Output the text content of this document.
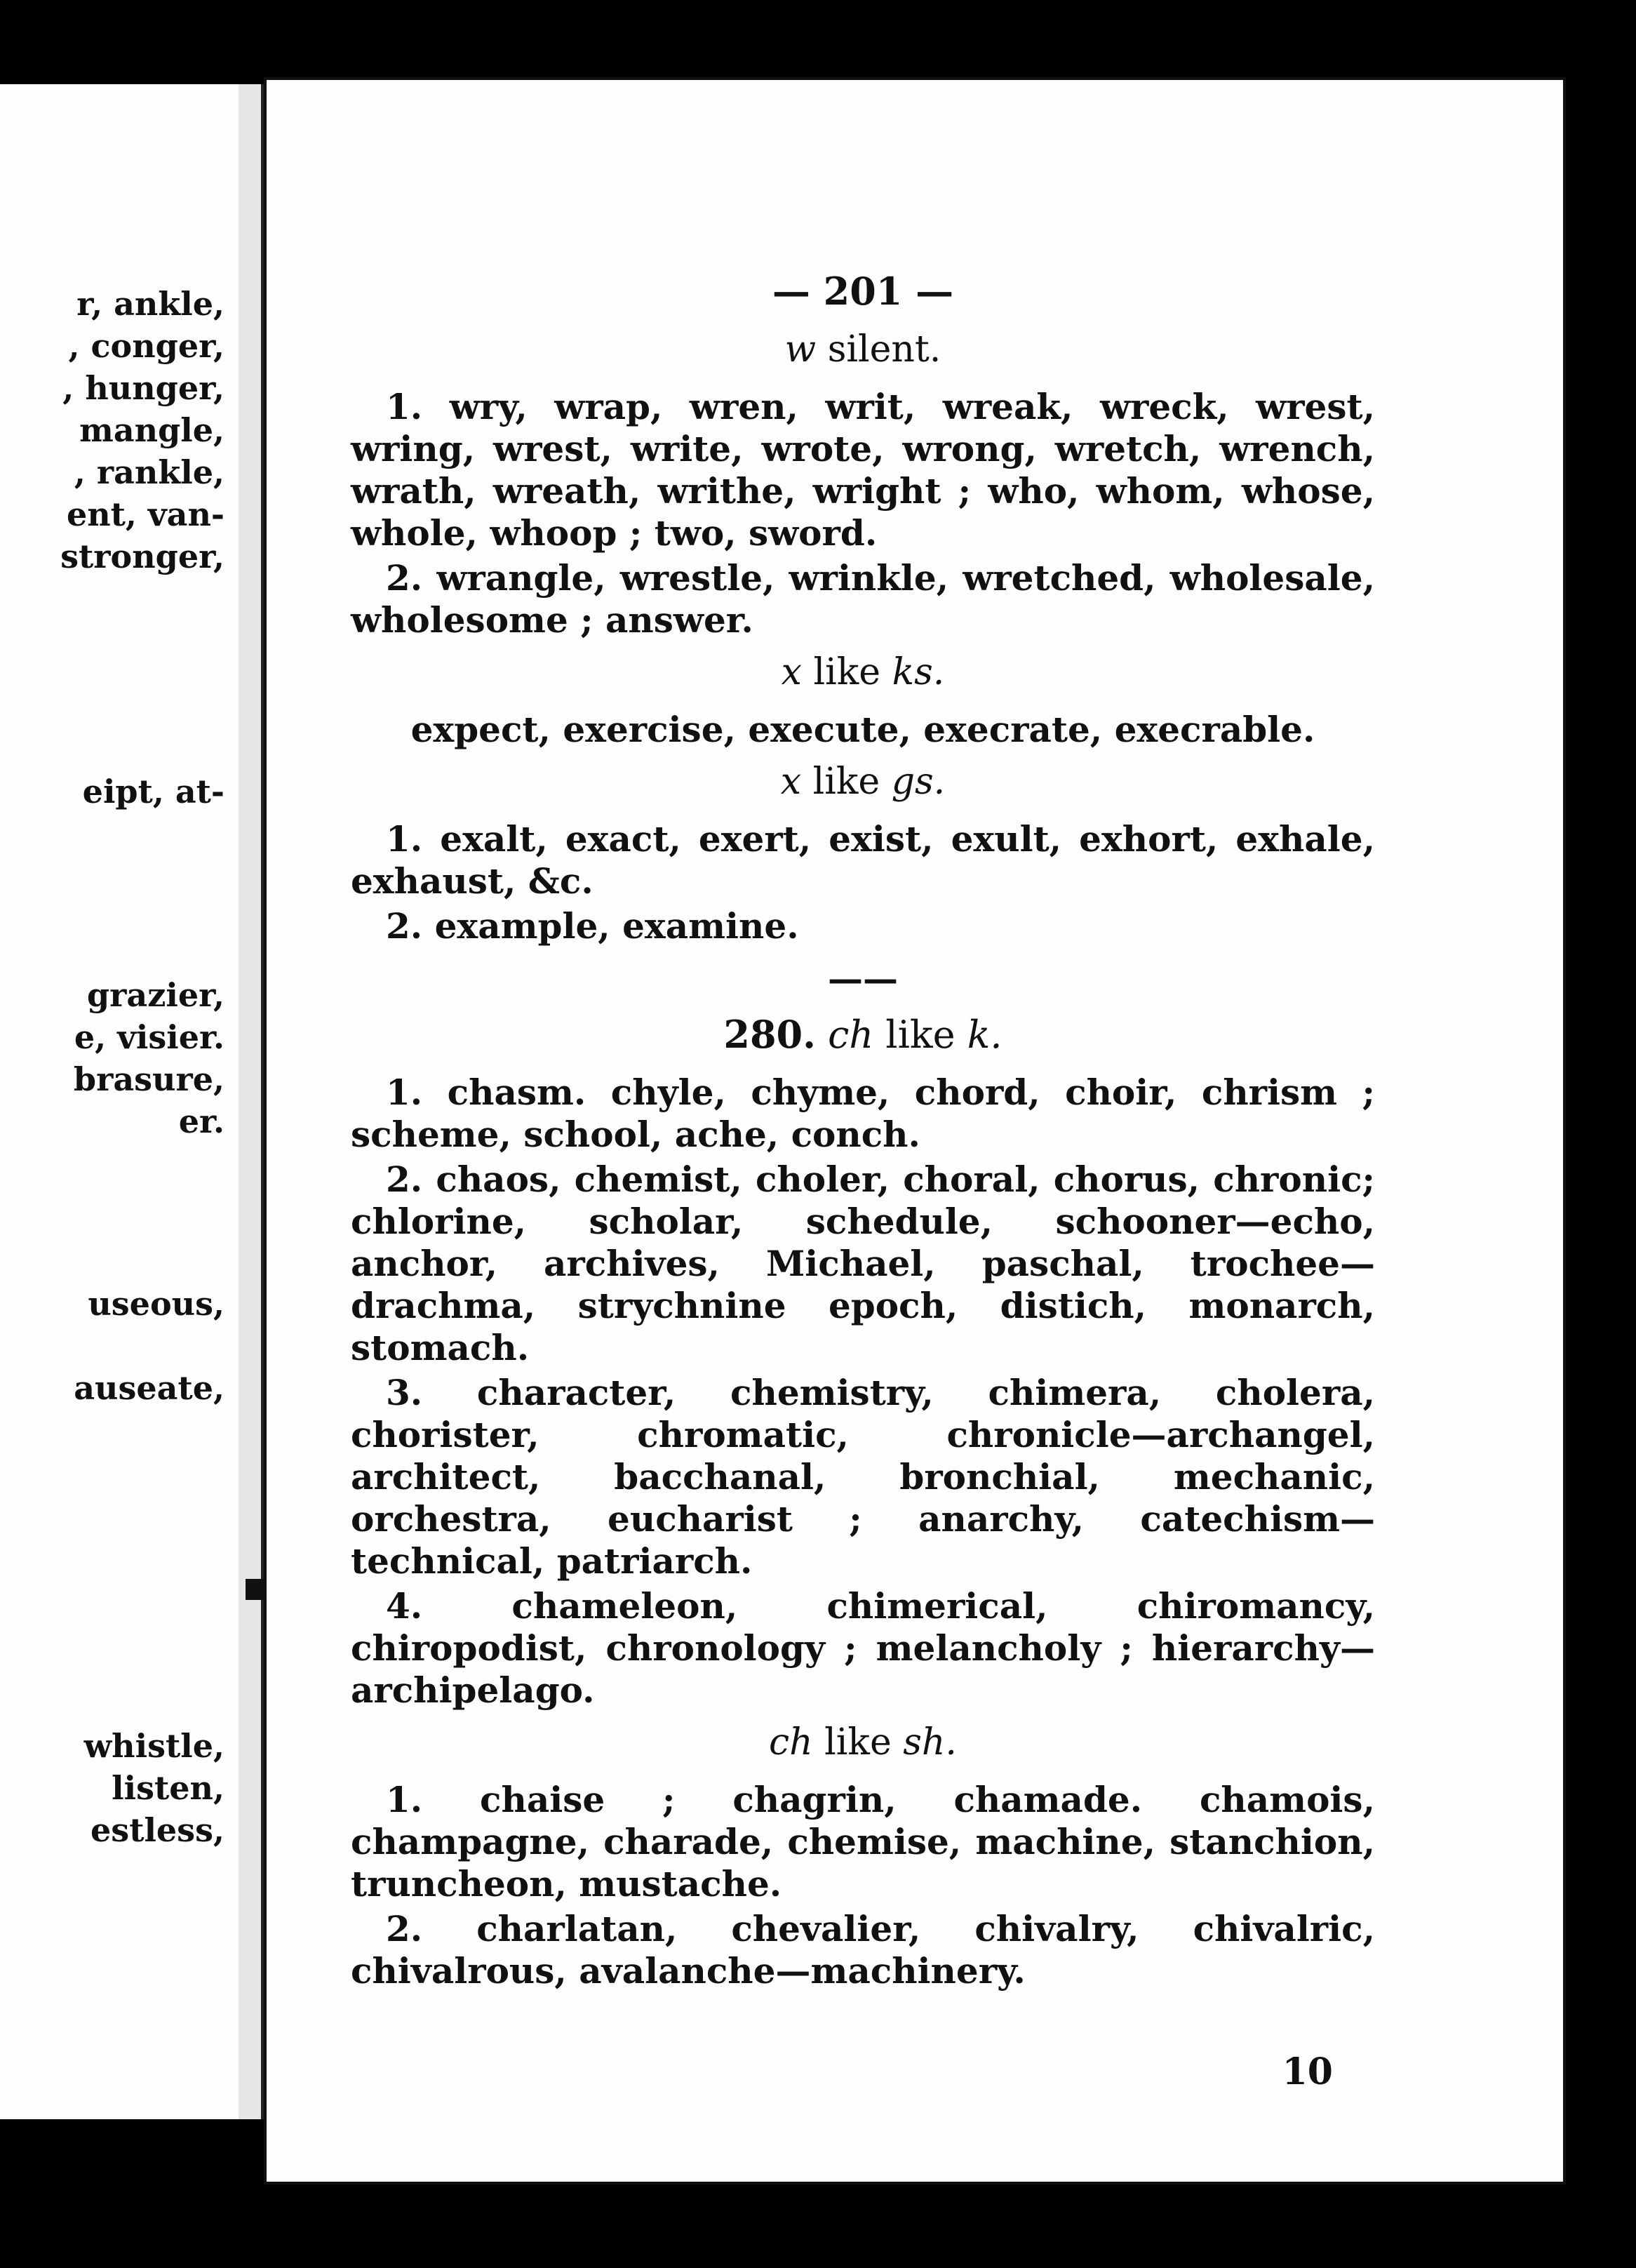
r, ankle,
, conger,
, hunger,
mangle,
, rankle,
ent, van-
stronger,
eipt, at-
grazier,
e, visier.
brasure,
er.
useous,
auseate,
whistle,
listen,
estless,
— 201 —
w silent.

1. wry, wrap, wren, writ, wreak, wreck, wrest, wring, wrest, write, wrote, wrong, wretch, wrench, wrath, wreath, writhe, wright ; who, whom, whose, whole, whoop ; two, sword.

2. wrangle, wrestle, wrinkle, wretched, wholesale, wholesome ; answer.

x like ks.

expect, exercise, execute, execrate, execrable.

x like gs.

1. exalt, exact, exert, exist, exult, exhort, exhale, exhaust, &c.

2. example, examine.

——
280. ch like k.

1. chasm. chyle, chyme, chord, choir, chrism ; scheme, school, ache, conch.

2. chaos, chemist, choler, choral, chorus, chronic; chlorine, scholar, schedule, schooner—echo, anchor, archives, Michael, paschal, trochee—drachma, strychnine epoch, distich, monarch, stomach.

3. character, chemistry, chimera, cholera, chorister, chromatic, chronicle—archangel, architect, bacchanal, bronchial, mechanic, orchestra, eucharist ; anarchy, catechism—technical, patriarch.

4. chameleon, chimerical, chiromancy, chiropodist, chronology ; melancholy ; hierarchy—archipelago.

ch like sh.

1. chaise ; chagrin, chamade. chamois, champagne, charade, chemise, machine, stanchion, truncheon, mustache.

2. charlatan, chevalier, chivalry, chivalric, chivalrous, avalanche—machinery.

10
